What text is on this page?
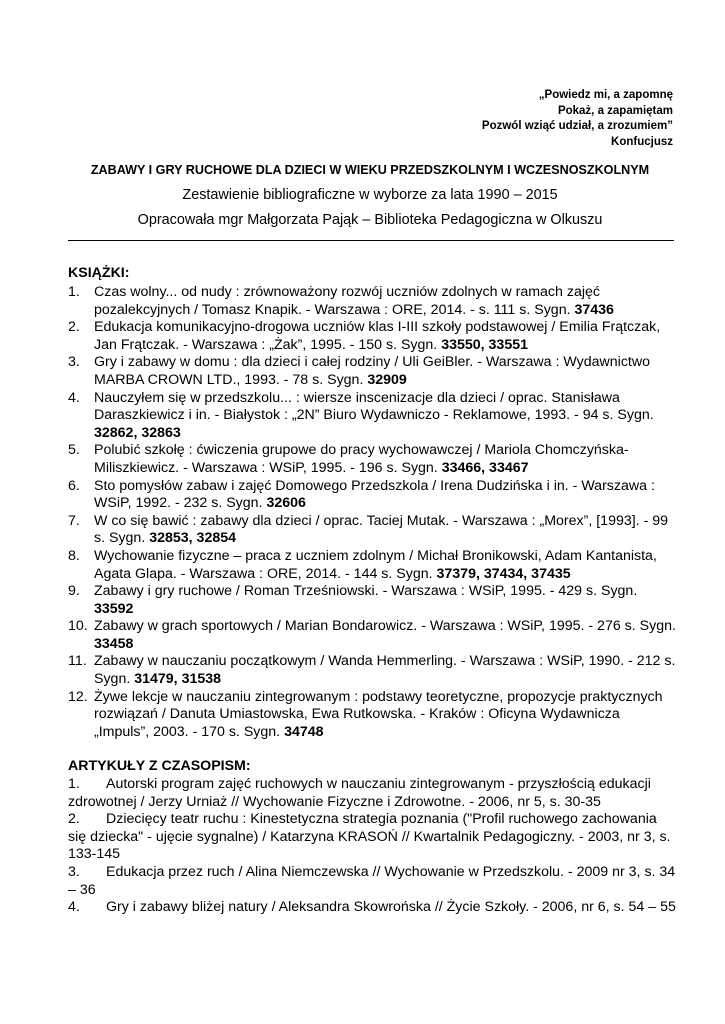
„Powiedz mi, a zapomnę
Pokaż, a zapamiętam
Pozwól wziąć udział, a zrozumiem”
Konfucjusz
ZABAWY I GRY RUCHOWE DLA DZIECI W WIEKU PRZEDSZKOLNYM I WCZESNOSZKOLNYM
Zestawienie bibliograficzne w wyborze za lata 1990 – 2015
Opracowała mgr Małgorzata Pająk – Biblioteka Pedagogiczna w Olkuszu
KSIĄŻKI:
1. Czas wolny... od nudy : zrównoważony rozwój uczniów zdolnych w ramach zajęć pozalekcyjnych / Tomasz Knapik. - Warszawa : ORE, 2014. - s. 111 s. Sygn. 37436
2. Edukacja komunikacyjno-drogowa uczniów klas I-III szkoły podstawowej / Emilia Frątczak, Jan Frątczak. - Warszawa : „Żak”, 1995. - 150 s. Sygn. 33550, 33551
3. Gry i zabawy w domu : dla dzieci i całej rodziny / Uli GeiBler. - Warszawa : Wydawnictwo MARBA CROWN LTD., 1993. - 78 s. Sygn. 32909
4. Nauczyłem się w przedszkolu... : wiersze inscenizacje dla dzieci / oprac. Stanisława Daraszkiewicz i in. - Białystok : „2N” Biuro Wydawniczo - Reklamowe, 1993. - 94 s. Sygn. 32862, 32863
5. Polubić szkołę : ćwiczenia grupowe do pracy wychowawczej / Mariola Chomczyńska-Miliszkiewicz. - Warszawa : WSiP, 1995. - 196 s. Sygn. 33466, 33467
6. Sto pomysłów zabaw i zajęć Domowego Przedszkola / Irena Dudzińska i in. - Warszawa : WSiP, 1992. - 232 s. Sygn. 32606
7. W co się bawić : zabawy dla dzieci / oprac. Taciej Mutak. - Warszawa : „Morex”, [1993]. - 99 s. Sygn. 32853, 32854
8. Wychowanie fizyczne – praca z uczniem zdolnym / Michał Bronikowski, Adam Kantanista, Agata Glapa. - Warszawa : ORE, 2014. - 144 s. Sygn. 37379, 37434, 37435
9. Zabawy i gry ruchowe / Roman Trześniowski. - Warszawa : WSiP, 1995. - 429 s. Sygn. 33592
10. Zabawy w grach sportowych / Marian Bondarowicz. - Warszawa : WSiP, 1995. - 276 s. Sygn. 33458
11. Zabawy w nauczaniu początkowym / Wanda Hemmerling. - Warszawa : WSiP, 1990. - 212 s. Sygn. 31479, 31538
12. Żywe lekcje w nauczaniu zintegrowanym : podstawy teoretyczne, propozycje praktycznych rozwiązań / Danuta Umiastowska, Ewa Rutkowska. - Kraków : Oficyna Wydawnicza „Impuls”, 2003. - 170 s. Sygn. 34748
ARTYKUŁY Z CZASOPISM:
1. Autorski program zajęć ruchowych w nauczaniu zintegrowanym - przyszłością edukacji zdrowotnej / Jerzy Urniaż // Wychowanie Fizyczne i Zdrowotne. - 2006, nr 5, s. 30-35
2. Dziecięcy teatr ruchu : Kinestetyczna strategia poznania ("Profil ruchowego zachowania się dziecka" - ujęcie sygnalne) / Katarzyna KRASOŃ // Kwartalnik Pedagogiczny. - 2003, nr 3, s. 133-145
3. Edukacja przez ruch / Alina Niemczewska // Wychowanie w Przedszkolu. - 2009 nr 3, s. 34 – 36
4. Gry i zabawy bliżej natury / Aleksandra Skowrońska // Życie Szkoły. - 2006, nr 6, s. 54 – 55
